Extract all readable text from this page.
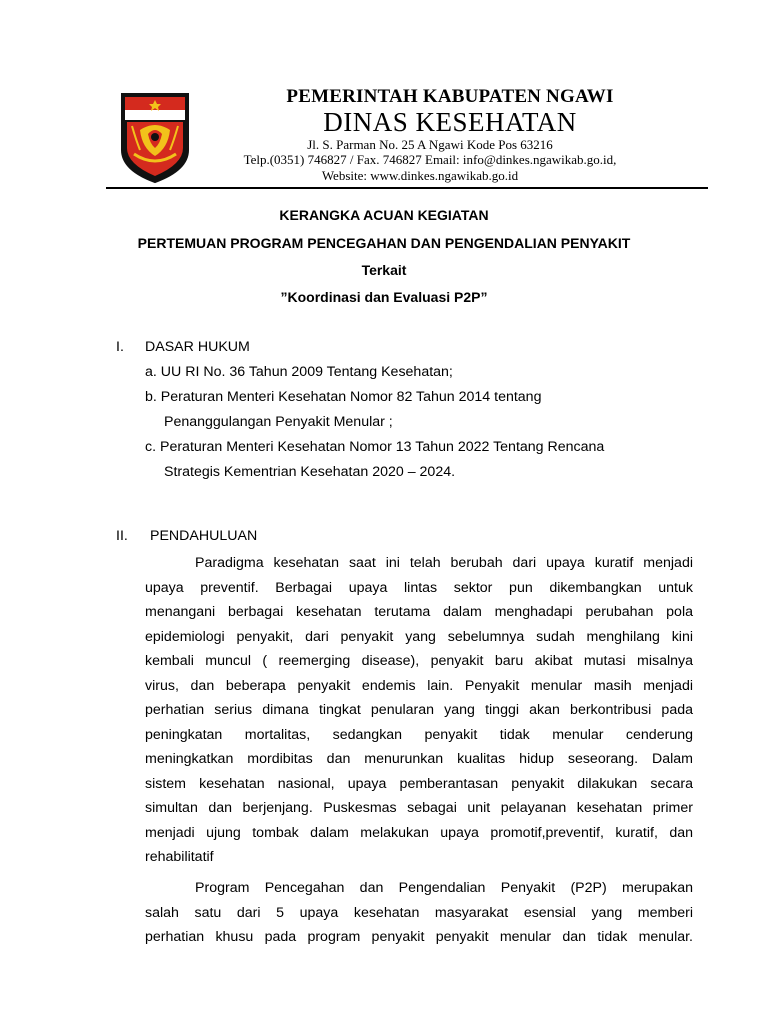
PEMERINTAH KABUPATEN NGAWI
DINAS KESEHATAN
Jl. S. Parman No. 25 A Ngawi Kode Pos 63216
Telp.(0351) 746827 / Fax. 746827 Email: info@dinkes.ngawikab.go.id,
Website: www.dinkes.ngawikab.go.id
KERANGKA ACUAN KEGIATAN
PERTEMUAN PROGRAM PENCEGAHAN DAN PENGENDALIAN PENYAKIT
Terkait
”Koordinasi dan Evaluasi P2P”
I. DASAR HUKUM
a. UU RI No. 36 Tahun 2009 Tentang Kesehatan;
b. Peraturan Menteri Kesehatan Nomor 82 Tahun 2014 tentang
Penanggulangan Penyakit Menular ;
c. Peraturan Menteri Kesehatan Nomor 13 Tahun 2022 Tentang Rencana
Strategis Kementrian Kesehatan 2020 – 2024.
II. PENDAHULUAN
Paradigma kesehatan saat ini telah berubah dari upaya kuratif menjadi
upaya preventif. Berbagai upaya lintas sektor pun dikembangkan untuk
menangani berbagai kesehatan terutama dalam menghadapi perubahan pola
epidemiologi penyakit, dari penyakit yang sebelumnya sudah menghilang kini
kembali muncul ( reemerging disease), penyakit baru akibat mutasi misalnya
virus, dan beberapa penyakit endemis lain. Penyakit menular masih menjadi
perhatian serius dimana tingkat penularan yang tinggi akan berkontribusi pada
peningkatan mortalitas, sedangkan penyakit tidak menular cenderung
meningkatkan mordibitas dan menurunkan kualitas hidup seseorang. Dalam
sistem kesehatan nasional, upaya pemberantasan penyakit dilakukan secara
simultan dan berjenjang. Puskesmas sebagai unit pelayanan kesehatan primer
menjadi ujung tombak dalam melakukan upaya promotif,preventif, kuratif, dan
rehabilitatif
Program Pencegahan dan Pengendalian Penyakit (P2P) merupakan
salah satu dari 5 upaya kesehatan masyarakat esensial yang memberi
perhatian khusu pada program penyakit penyakit menular dan tidak menular.
